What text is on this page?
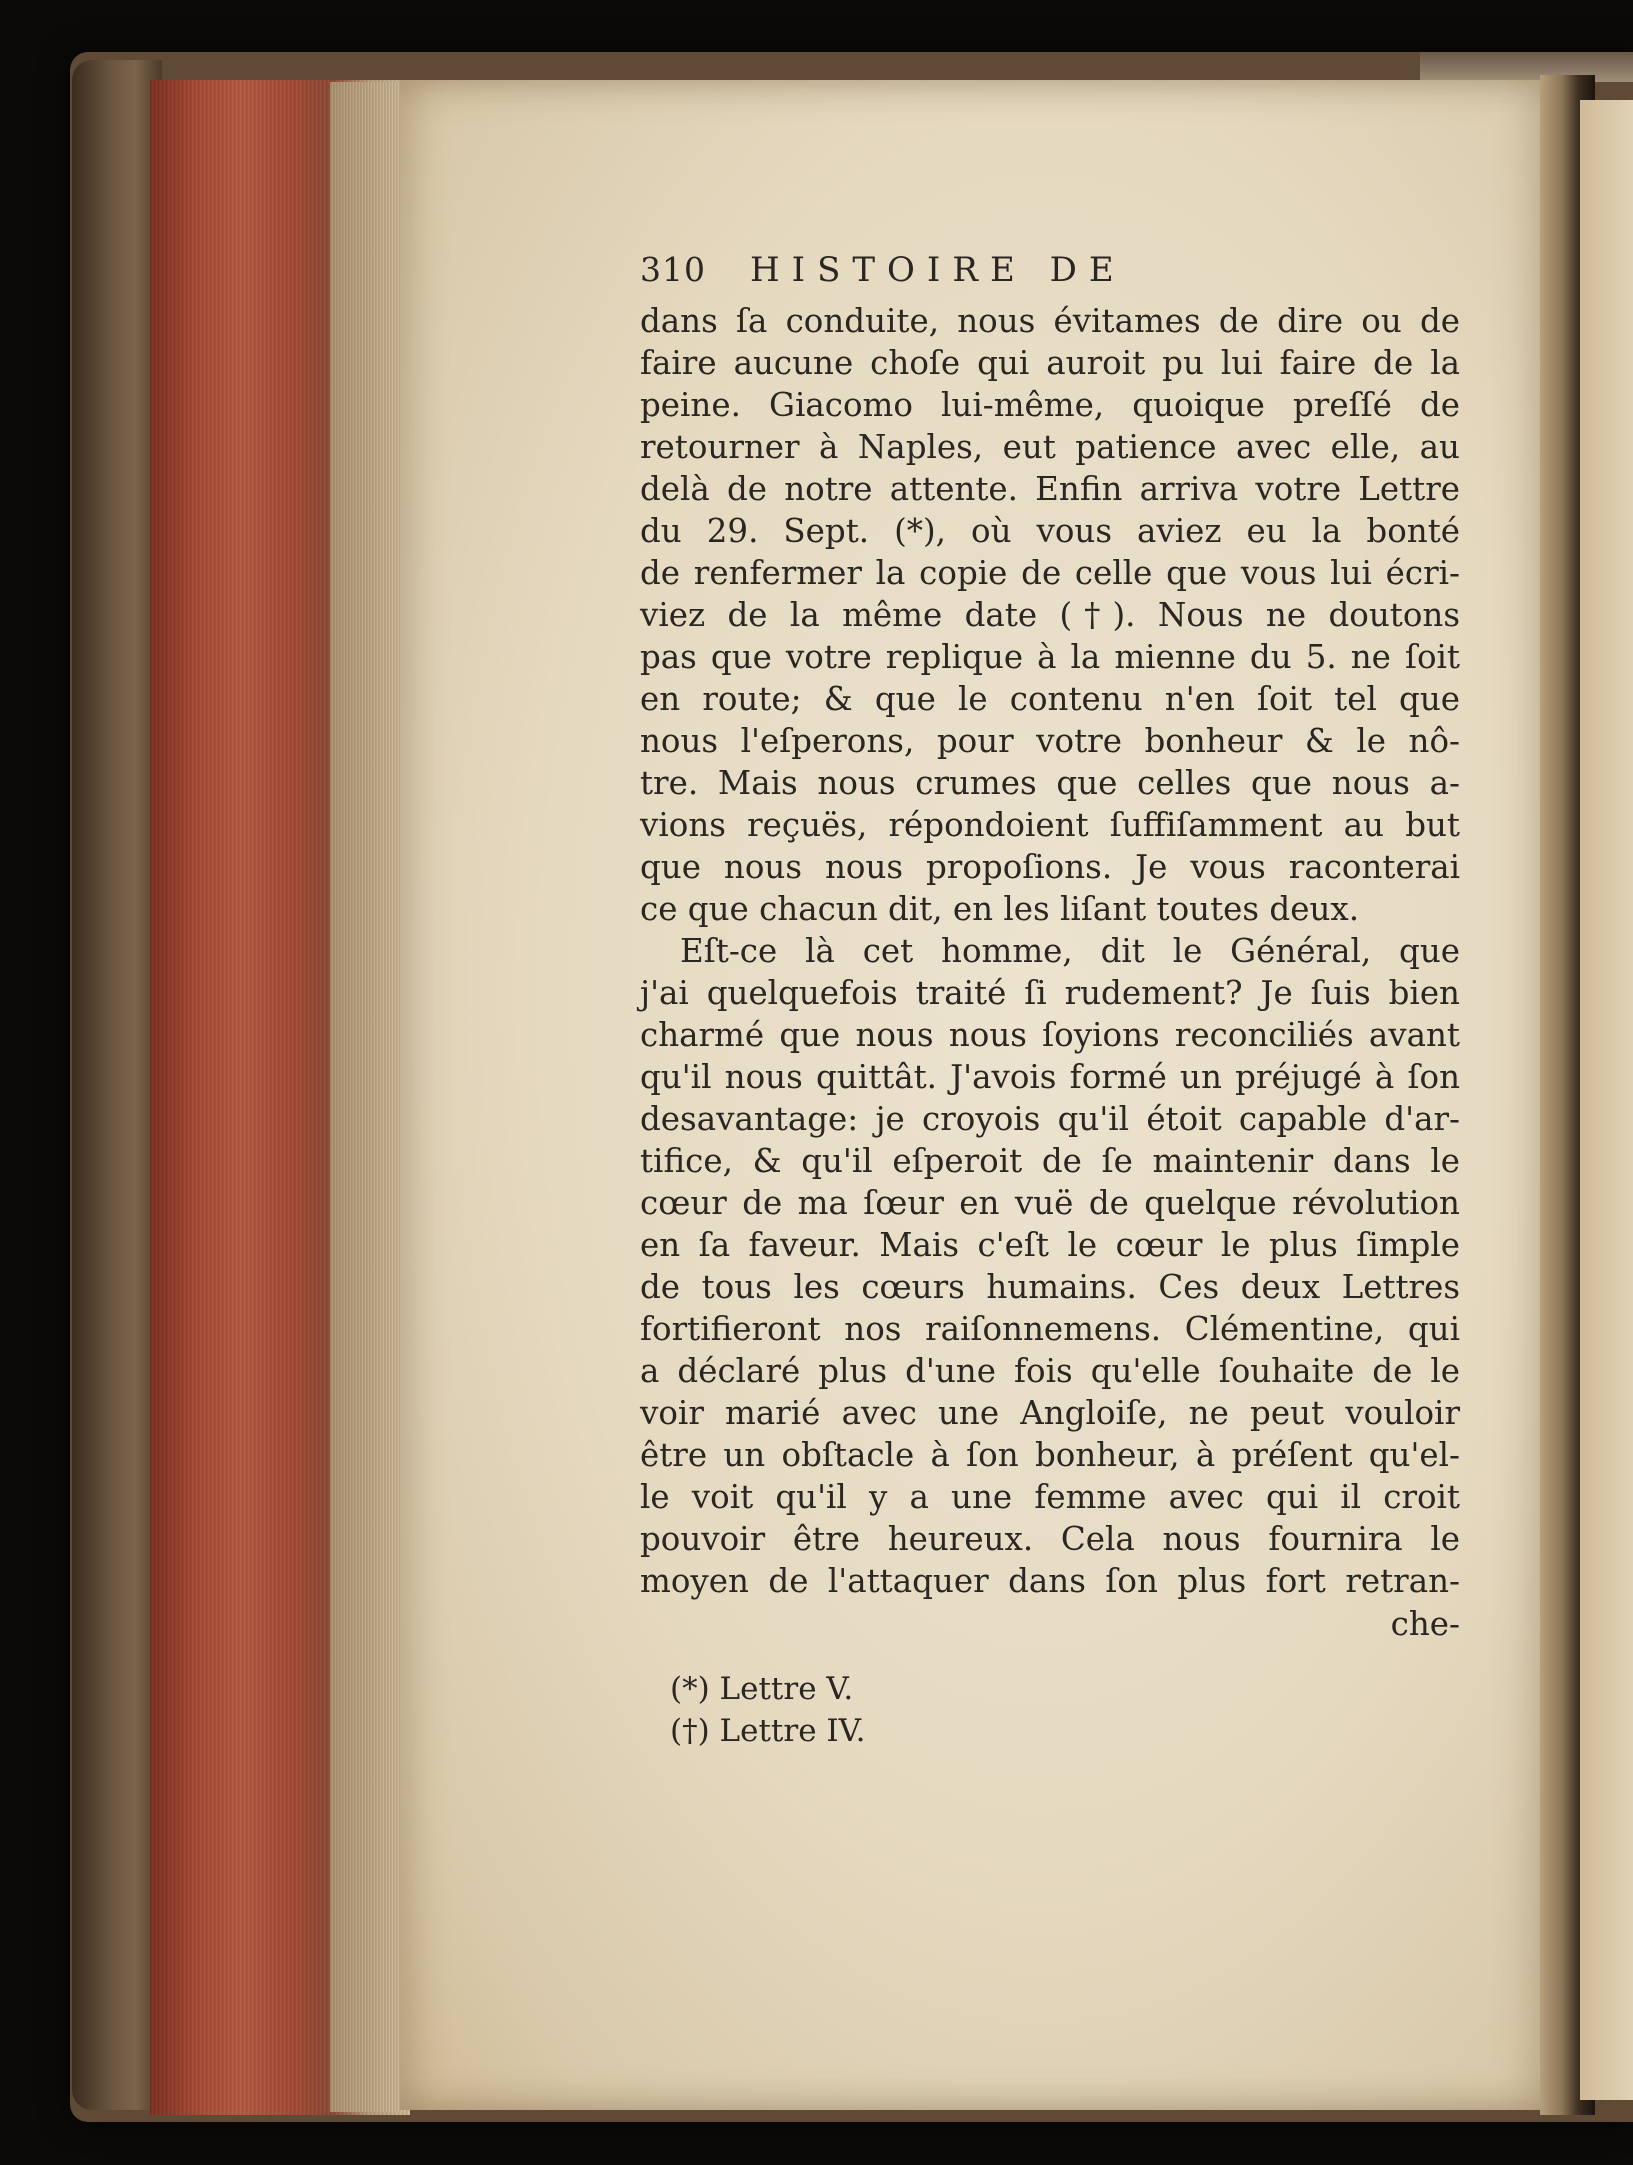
310	HISTOIRE DE
dans ſa conduite, nous évitames de dire ou de
faire aucune choſe qui auroit pu lui faire de la
peine. Giacomo lui-même, quoique preſſé de
retourner à Naples, eut patience avec elle, au
delà de notre attente. Enfin arriva votre Lettre
du 29. Sept. (*), où vous aviez eu la bonté
de renfermer la copie de celle que vous lui écri-
viez de la même date (†). Nous ne doutons
pas que votre replique à la mienne du 5. ne ſoit
en route; & que le contenu n'en ſoit tel que
nous l'eſperons, pour votre bonheur & le nô-
tre. Mais nous crumes que celles que nous a-
vions reçuës, répondoient ſuffiſamment au but
que nous nous propoſions. Je vous raconterai
ce que chacun dit, en les liſant toutes deux.
Eſt-ce là cet homme, dit le Général, que
j'ai quelquefois traité ſi rudement? Je ſuis bien
charmé que nous nous ſoyions reconciliés avant
qu'il nous quittât. J'avois formé un préjugé à ſon
desavantage: je croyois qu'il étoit capable d'ar-
tifice, & qu'il eſperoit de ſe maintenir dans le
cœur de ma ſœur en vuë de quelque révolution
en ſa faveur. Mais c'eſt le cœur le plus ſimple
de tous les cœurs humains. Ces deux Lettres
fortifieront nos raiſonnemens. Clémentine, qui
a déclaré plus d'une fois qu'elle ſouhaite de le
voir marié avec une Angloiſe, ne peut vouloir
être un obſtacle à ſon bonheur, à préſent qu'el-
le voit qu'il y a une femme avec qui il croit
pouvoir être heureux. Cela nous fournira le
moyen de l'attaquer dans ſon plus fort retran-
che-
(*) Lettre V.
(†) Lettre IV.
